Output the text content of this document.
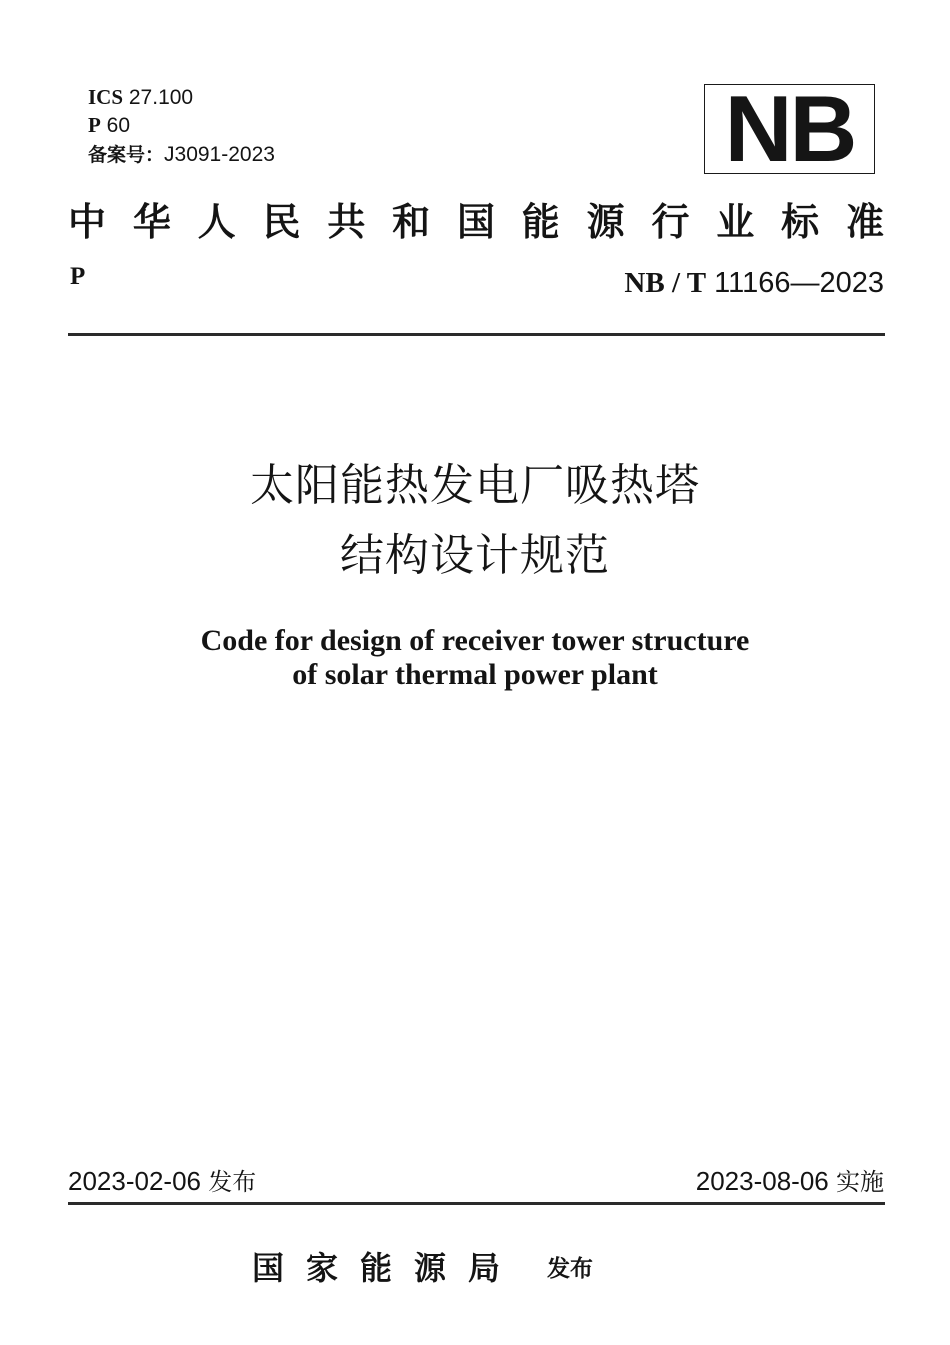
ICS 27.100
P 60
备案号：J3091-2023	NB
中 华 人 民 共 和 国 能 源 行 业 标 准
P	NB / T 11166—2023
太阳能热发电厂吸热塔
结构设计规范
Code for design of receiver tower structure
of solar thermal power plant
2023-02-06 发布	2023-08-06 实施
国家能源局 发布
